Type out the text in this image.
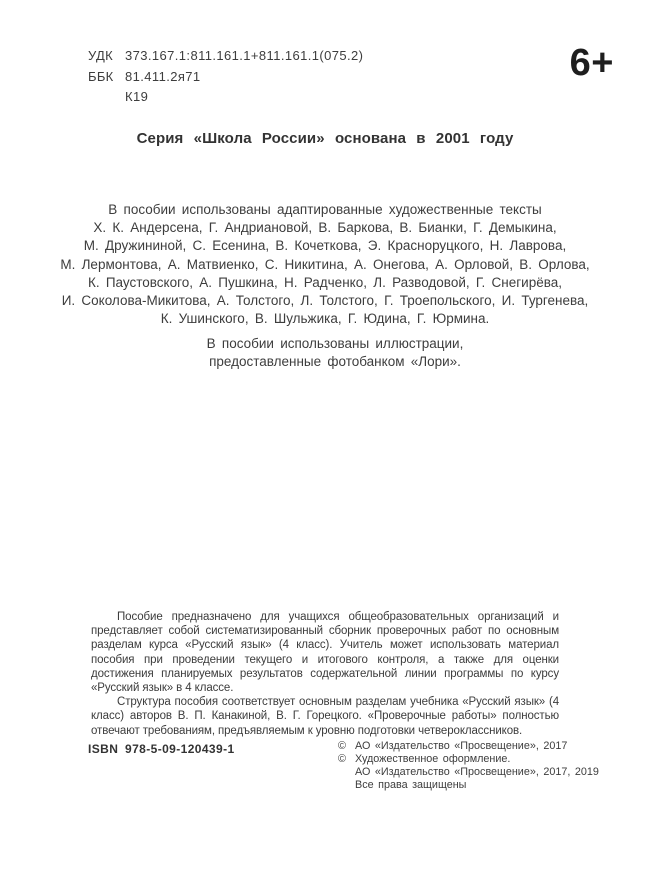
УДК 373.167.1:811.161.1+811.161.1(075.2)
ББК 81.411.2я71
К19
6+
Серия «Школа России» основана в 2001 году
В пособии использованы адаптированные художественные тексты
Х. К. Андерсена, Г. Андриановой, В. Баркова, В. Бианки, Г. Демыкина,
М. Дружининой, С. Есенина, В. Кочеткова, Э. Красноруцкого, Н. Лаврова,
М. Лермонтова, А. Матвиенко, С. Никитина, А. Онегова, А. Орловой, В. Орлова,
К. Паустовского, А. Пушкина, Н. Радченко, Л. Разводовой, Г. Снегирёва,
И. Соколова-Микитова, А. Толстого, Л. Толстого, Г. Троепольского, И. Тургенева,
К. Ушинского, В. Шульжика, Г. Юдина, Г. Юрмина.
В пособии использованы иллюстрации,
предоставленные фотобанком «Лори».

Пособие предназначено для учащихся общеобразовательных организаций и представляет собой систематизированный сборник проверочных работ по основным разделам курса «Русский язык» (4 класс). Учитель может использовать материал пособия при проведении текущего и итогового контроля, а также для оценки достижения планируемых результатов содержательной линии программы по курсу «Русский язык» в 4 классе.

Структура пособия соответствует основным разделам учебника «Русский язык» (4 класс) авторов В. П. Канакиной, В. Г. Горецкого. «Проверочные работы» полностью отвечают требованиям, предъявляемым к уровню подготовки четвероклассников.

ISBN 978-5-09-120439-1	© АО «Издательство «Просвещение», 2017
© Художественное оформление.
АО «Издательство «Просвещение», 2017, 2019
Все права защищены
